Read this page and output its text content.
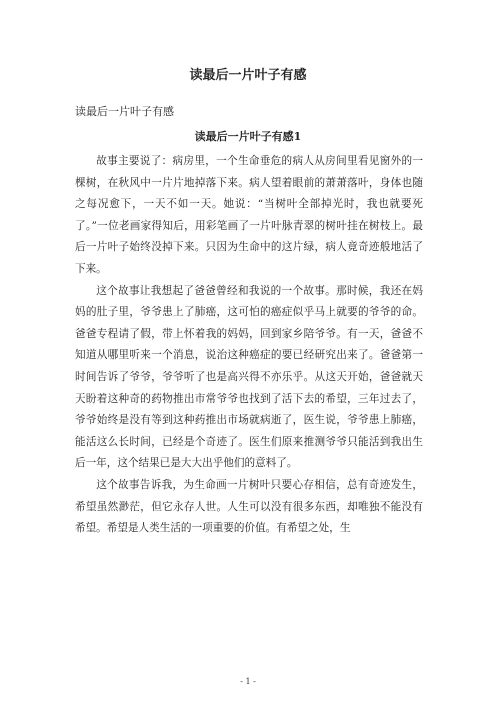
读最后一片叶子有感
读最后一片叶子有感
读最后一片叶子有感1

故事主要说了：病房里，一个生命垂危的病人从房间里看见窗外的一棵树，在秋风中一片片地掉落下来。病人望着眼前的萧萧落叶，身体也随之每况愈下，一天不如一天。她说：“当树叶全部掉光时，我也就要死了。”一位老画家得知后，用彩笔画了一片叶脉青翠的树叶挂在树枝上。最后一片叶子始终没掉下来。只因为生命中的这片绿，病人竟奇迹般地活了下来。

这个故事让我想起了爸爸曾经和我说的一个故事。那时候，我还在妈妈的肚子里，爷爷患上了肺癌，这可怕的癌症似乎马上就要的爷爷的命。爸爸专程请了假，带上怀着我的妈妈，回到家乡陪爷爷。有一天，爸爸不知道从哪里听来一个消息，说治这种癌症的要已经研究出来了。爸爸第一时间告诉了爷爷，爷爷听了也是高兴得不亦乐乎。从这天开始，爸爸就天天盼着这种奇的药物推出市常爷爷也找到了活下去的希望，三年过去了，爷爷始终是没有等到这种药推出市场就病逝了，医生说，爷爷患上肺癌，能活这么长时间，已经是个奇迹了。医生们原来推测爷爷只能活到我出生后一年，这个结果已是大大出乎他们的意料了。

这个故事告诉我，为生命画一片树叶只要心存相信，总有奇迹发生，希望虽然渺茫，但它永存人世。人生可以没有很多东西，却唯独不能没有希望。希望是人类生活的一项重要的价值。有希望之处，生

- 1 -
